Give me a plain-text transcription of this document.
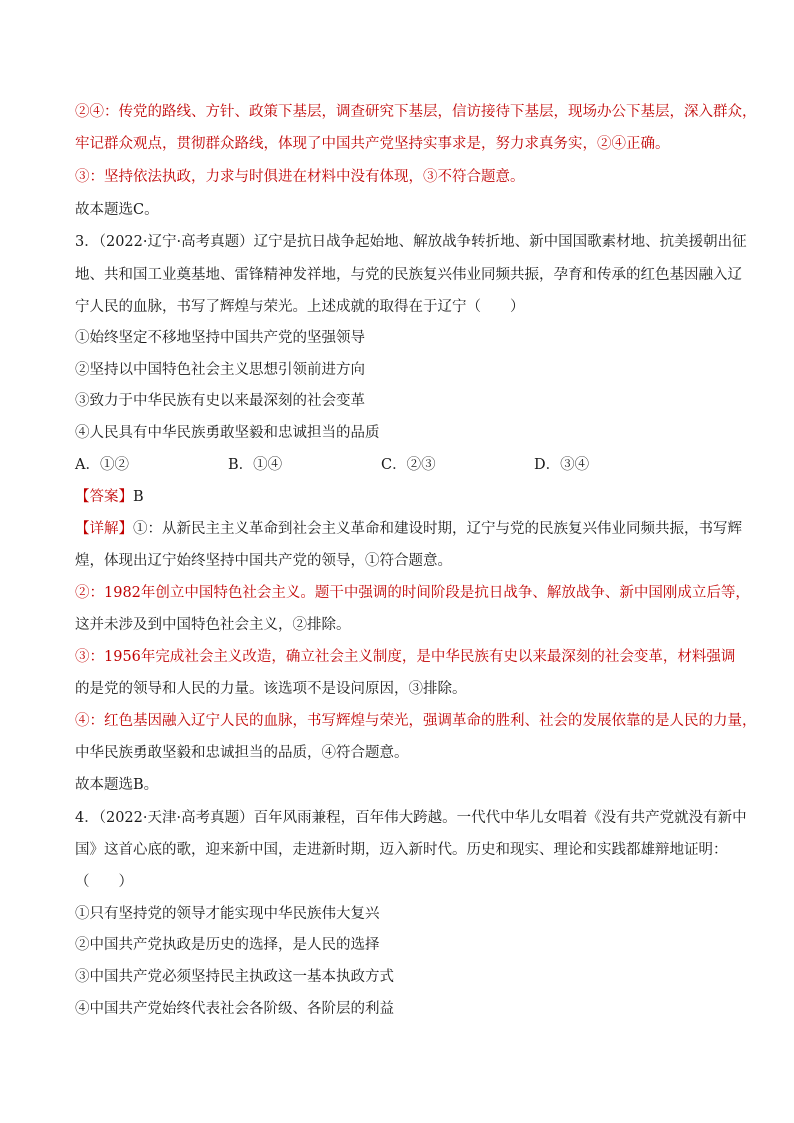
②④：传党的路线、方针、政策下基层，调查研究下基层，信访接待下基层，现场办公下基层，深入群众，
牢记群众观点，贯彻群众路线，体现了中国共产党坚持实事求是，努力求真务实，②④正确。
③：坚持依法执政，力求与时俱进在材料中没有体现，③不符合题意。
故本题选C。
3．（2022·辽宁·高考真题）辽宁是抗日战争起始地、解放战争转折地、新中国国歌素材地、抗美援朝出征
地、共和国工业奠基地、雷锋精神发祥地，与党的民族复兴伟业同频共振，孕育和传承的红色基因融入辽
宁人民的血脉，书写了辉煌与荣光。上述成就的取得在于辽宁（　　）
①始终坚定不移地坚持中国共产党的坚强领导
②坚持以中国特色社会主义思想引领前进方向
③致力于中华民族有史以来最深刻的社会变革
④人民具有中华民族勇敢坚毅和忠诚担当的品质
A．①②	B．①④	C．②③	D．③④
【答案】B
【详解】①：从新民主主义革命到社会主义革命和建设时期，辽宁与党的民族复兴伟业同频共振，书写辉
煌，体现出辽宁始终坚持中国共产党的领导，①符合题意。
②：1982年创立中国特色社会主义。题干中强调的时间阶段是抗日战争、解放战争、新中国刚成立后等，
这并未涉及到中国特色社会主义，②排除。
③：1956年完成社会主义改造，确立社会主义制度，是中华民族有史以来最深刻的社会变革，材料强调
的是党的领导和人民的力量。该选项不是设问原因，③排除。
④：红色基因融入辽宁人民的血脉，书写辉煌与荣光，强调革命的胜利、社会的发展依靠的是人民的力量，
中华民族勇敢坚毅和忠诚担当的品质，④符合题意。
故本题选B。
4．（2022·天津·高考真题）百年风雨兼程，百年伟大跨越。一代代中华儿女唱着《没有共产党就没有新中
国》这首心底的歌，迎来新中国，走进新时期，迈入新时代。历史和现实、理论和实践都雄辩地证明：
（　　）
①只有坚持党的领导才能实现中华民族伟大复兴
②中国共产党执政是历史的选择，是人民的选择
③中国共产党必须坚持民主执政这一基本执政方式
④中国共产党始终代表社会各阶级、各阶层的利益
